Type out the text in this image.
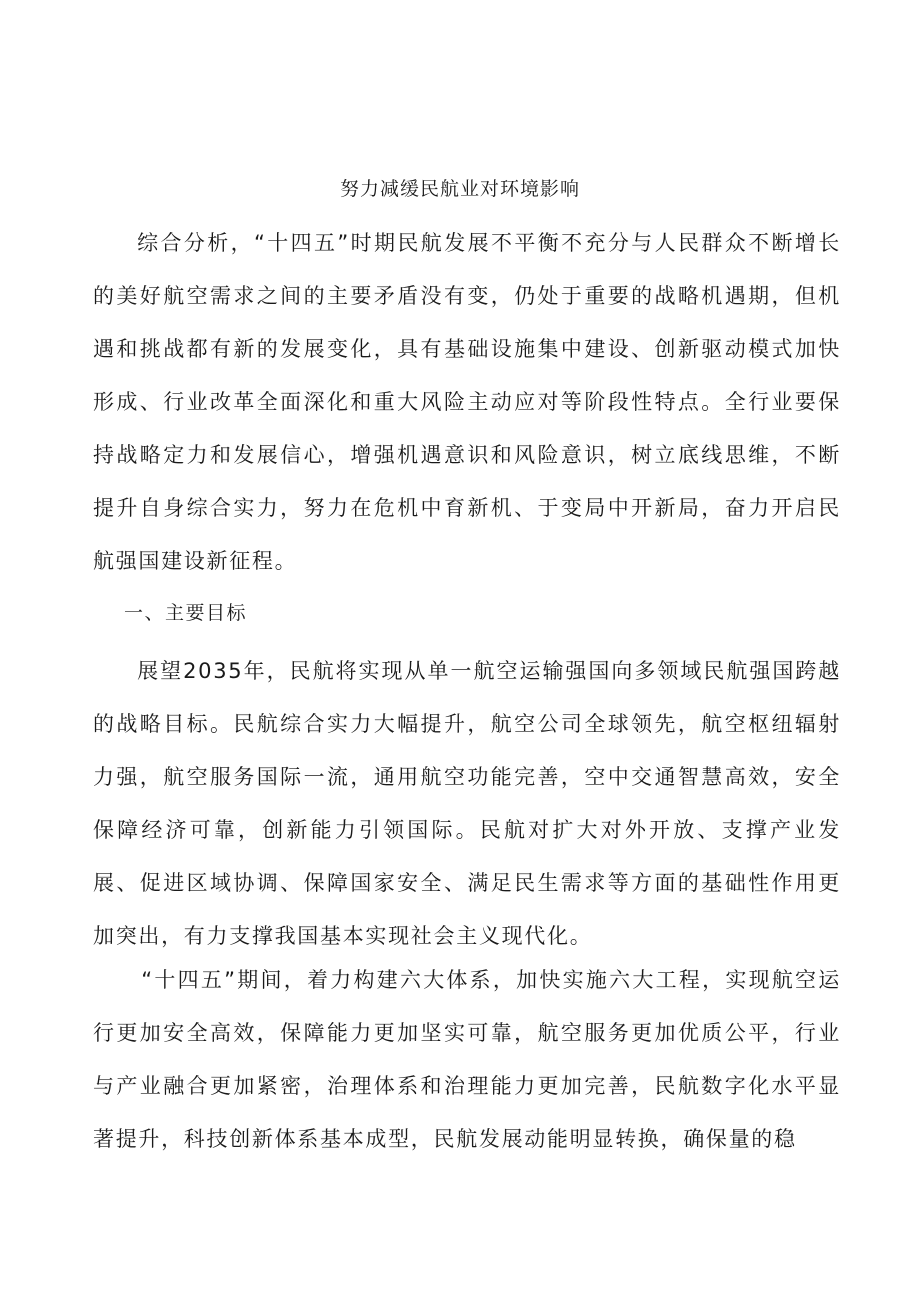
努力减缓民航业对环境影响

综合分析，“十四五”时期民航发展不平衡不充分与人民群众不断增长的美好航空需求之间的主要矛盾没有变，仍处于重要的战略机遇期，但机遇和挑战都有新的发展变化，具有基础设施集中建设、创新驱动模式加快形成、行业改革全面深化和重大风险主动应对等阶段性特点。全行业要保持战略定力和发展信心，增强机遇意识和风险意识，树立底线思维，不断提升自身综合实力，努力在危机中育新机、于变局中开新局，奋力开启民航强国建设新征程。

一、主要目标

展望2035年，民航将实现从单一航空运输强国向多领域民航强国跨越的战略目标。民航综合实力大幅提升，航空公司全球领先，航空枢纽辐射力强，航空服务国际一流，通用航空功能完善，空中交通智慧高效，安全保障经济可靠，创新能力引领国际。民航对扩大对外开放、支撑产业发展、促进区域协调、保障国家安全、满足民生需求等方面的基础性作用更加突出，有力支撑我国基本实现社会主义现代化。

“十四五”期间，着力构建六大体系，加快实施六大工程，实现航空运行更加安全高效，保障能力更加坚实可靠，航空服务更加优质公平，行业与产业融合更加紧密，治理体系和治理能力更加完善，民航数字化水平显著提升，科技创新体系基本成型，民航发展动能明显转换，确保量的稳
